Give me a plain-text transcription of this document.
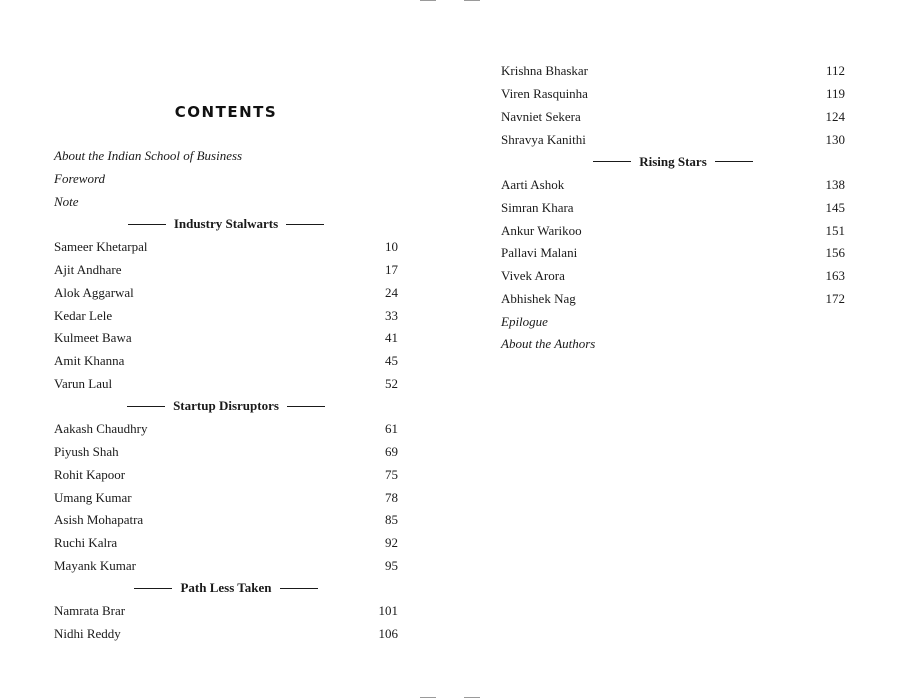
CONTENTS
About the Indian School of Business
Foreword
Note
Industry Stalwarts
Sameer Khetarpal	10
Ajit Andhare	17
Alok Aggarwal	24
Kedar Lele	33
Kulmeet Bawa	41
Amit Khanna	45
Varun Laul	52
Startup Disruptors
Aakash Chaudhry	61
Piyush Shah	69
Rohit Kapoor	75
Umang Kumar	78
Asish Mohapatra	85
Ruchi Kalra	92
Mayank Kumar	95
Path Less Taken
Namrata Brar	101
Nidhi Reddy	106
Krishna Bhaskar	112
Viren Rasquinha	119
Navniet Sekera	124
Shravya Kanithi	130
Rising Stars
Aarti Ashok	138
Simran Khara	145
Ankur Warikoo	151
Pallavi Malani	156
Vivek Arora	163
Abhishek Nag	172
Epilogue
About the Authors
